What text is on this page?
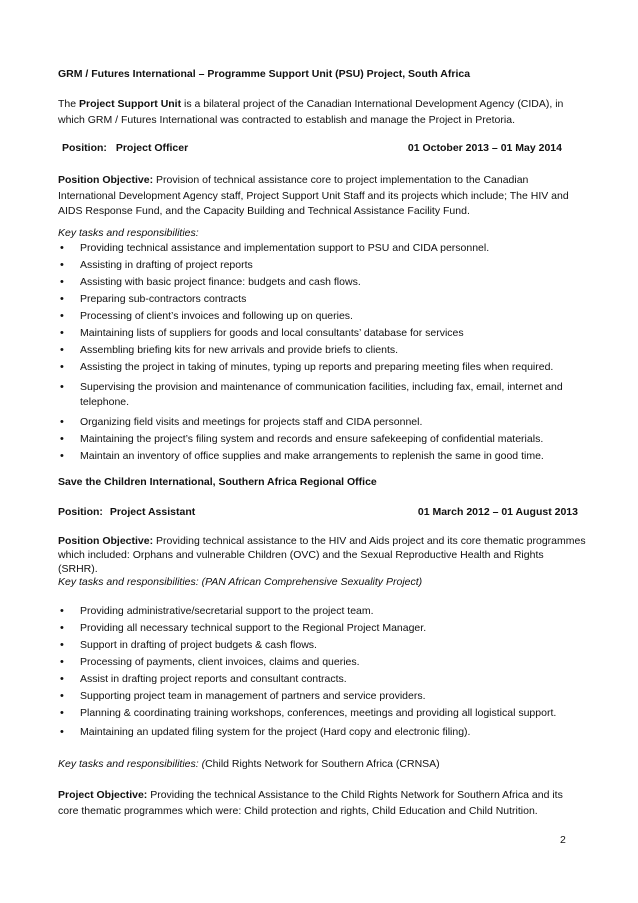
GRM / Futures International – Programme Support Unit (PSU) Project, South Africa
The Project Support Unit is a bilateral project of the Canadian International Development Agency (CIDA), in which GRM / Futures International was contracted to establish and manage the Project in Pretoria.
Position: Project Officer	01 October 2013 – 01 May 2014
Position Objective: Provision of technical assistance core to project implementation to the Canadian International Development Agency staff, Project Support Unit Staff and its projects which include; The HIV and AIDS Response Fund, and the Capacity Building and Technical Assistance Facility Fund.
Key tasks and responsibilities:
• Providing technical assistance and implementation support to PSU and CIDA personnel.
• Assisting in drafting of project reports
• Assisting with basic project finance: budgets and cash flows.
• Preparing sub-contractors contracts
• Processing of client’s invoices and following up on queries.
• Maintaining lists of suppliers for goods and local consultants’ database for services
• Assembling briefing kits for new arrivals and provide briefs to clients.
• Assisting the project in taking of minutes, typing up reports and preparing meeting files when required.
• Supervising the provision and maintenance of communication facilities, including fax, email, internet and telephone.
• Organizing field visits and meetings for projects staff and CIDA personnel.
• Maintaining the project’s filing system and records and ensure safekeeping of confidential materials.
• Maintain an inventory of office supplies and make arrangements to replenish the same in good time.
Save the Children International, Southern Africa Regional Office
Position: Project Assistant	01 March 2012 – 01 August 2013
Position Objective: Providing technical assistance to the HIV and Aids project and its core thematic programmes which included: Orphans and vulnerable Children (OVC) and the Sexual Reproductive Health and Rights (SRHR).
Key tasks and responsibilities: (PAN African Comprehensive Sexuality Project)
• Providing administrative/secretarial support to the project team.
• Providing all necessary technical support to the Regional Project Manager.
• Support in drafting of project budgets & cash flows.
• Processing of payments, client invoices, claims and queries.
• Assist in drafting project reports and consultant contracts.
• Supporting project team in management of partners and service providers.
• Planning & coordinating training workshops, conferences, meetings and providing all logistical support.
• Maintaining an updated filing system for the project (Hard copy and electronic filing).
Key tasks and responsibilities: (Child Rights Network for Southern Africa (CRNSA)
Project Objective: Providing the technical Assistance to the Child Rights Network for Southern Africa and its core thematic programmes which were: Child protection and rights, Child Education and Child Nutrition.
2
